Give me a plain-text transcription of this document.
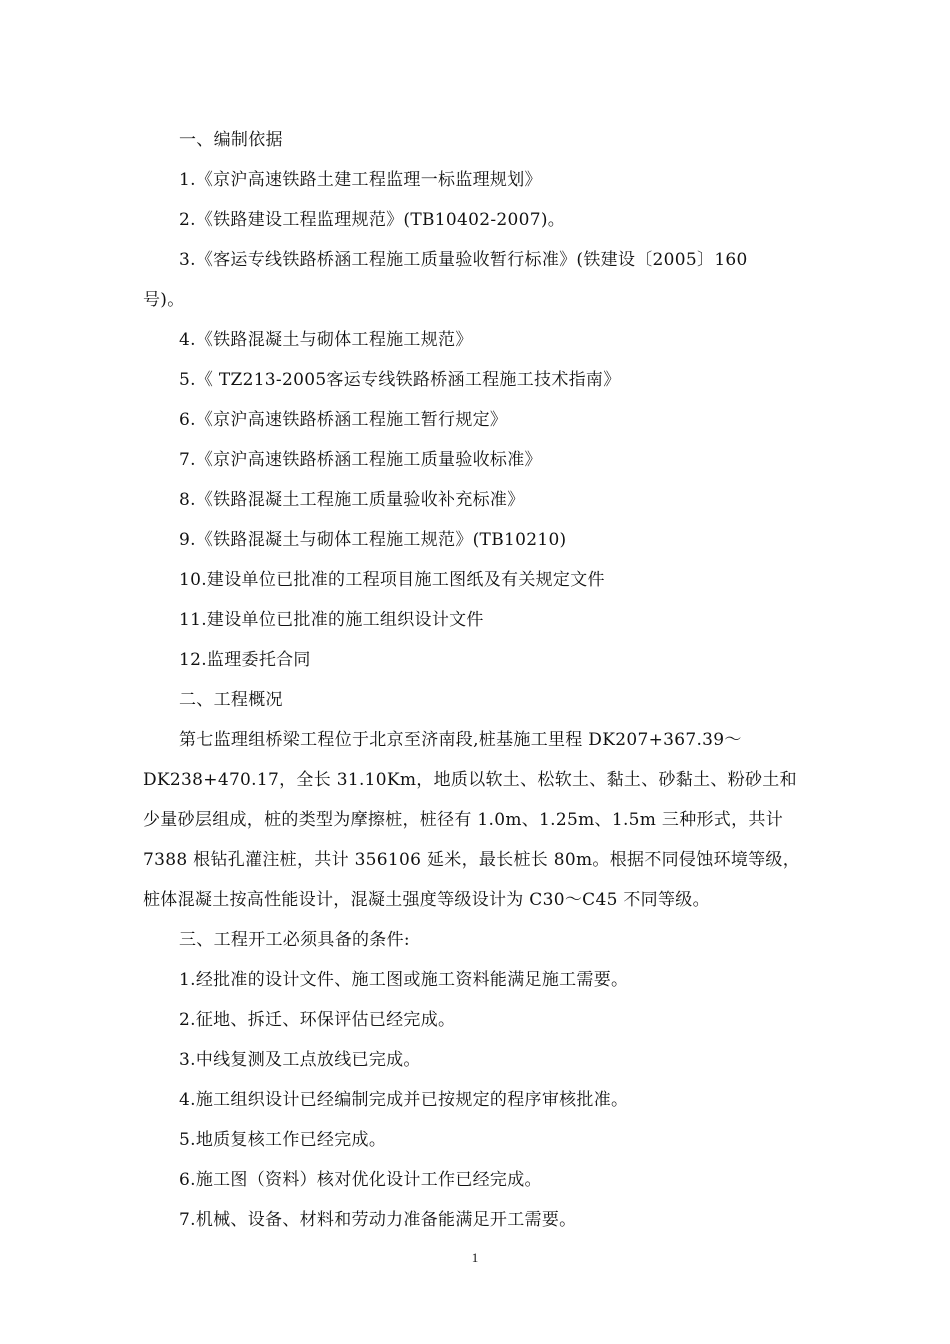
一、编制依据
1.《京沪高速铁路土建工程监理一标监理规划》
2.《铁路建设工程监理规范》(TB10402-2007)。
3.《客运专线铁路桥涵工程施工质量验收暂行标准》(铁建设〔2005〕160
号)。
4.《铁路混凝土与砌体工程施工规范》
5.《 TZ213-2005客运专线铁路桥涵工程施工技术指南》
6.《京沪高速铁路桥涵工程施工暂行规定》
7.《京沪高速铁路桥涵工程施工质量验收标准》
8.《铁路混凝土工程施工质量验收补充标准》
9.《铁路混凝土与砌体工程施工规范》(TB10210)
10.建设单位已批准的工程项目施工图纸及有关规定文件
11.建设单位已批准的施工组织设计文件
12.监理委托合同
二、工程概况
第七监理组桥梁工程位于北京至济南段,桩基施工里程 DK207+367.39～
DK238+470.17，全长 31.10Km，地质以软土、松软土、黏土、砂黏土、粉砂土和
少量砂层组成，桩的类型为摩擦桩，桩径有 1.0m、1.25m、1.5m 三种形式，共计
7388 根钻孔灌注桩，共计 356106 延米，最长桩长 80m。根据不同侵蚀环境等级，
桩体混凝土按高性能设计，混凝土强度等级设计为 C30～C45 不同等级。
三、工程开工必须具备的条件:
1.经批准的设计文件、施工图或施工资料能满足施工需要。
2.征地、拆迁、环保评估已经完成。
3.中线复测及工点放线已完成。
4.施工组织设计已经编制完成并已按规定的程序审核批准。
5.地质复核工作已经完成。
6.施工图（资料）核对优化设计工作已经完成。
7.机械、设备、材料和劳动力准备能满足开工需要。
1
